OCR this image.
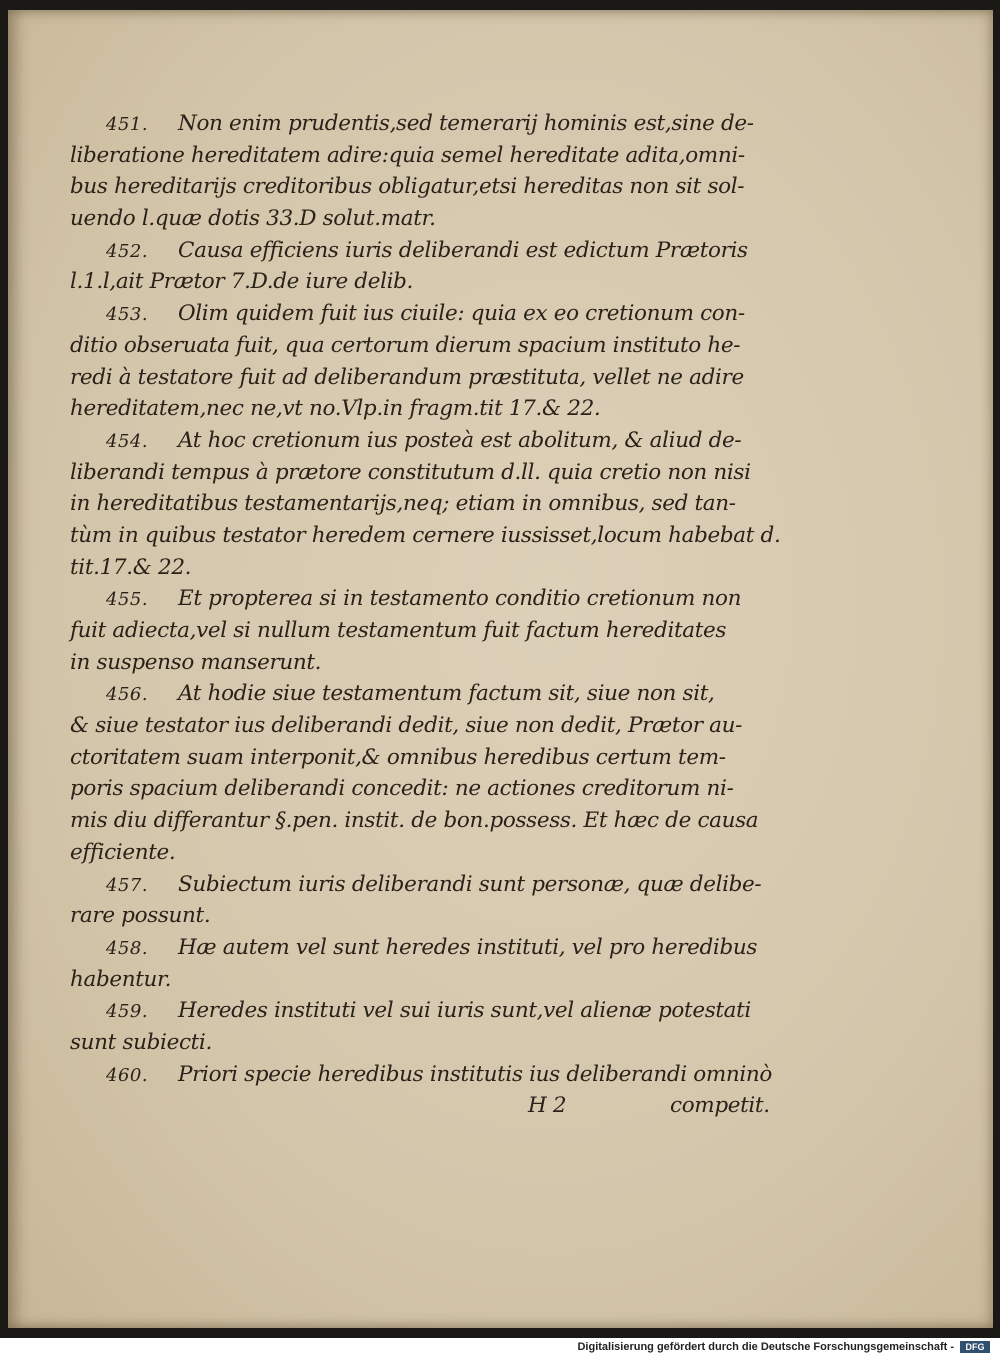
451. Non enim prudentis,sed temerarij hominis est,sine de-
liberatione hereditatem adire:quia semel hereditate adita,omni-
bus hereditarijs creditoribus obligatur,etsi hereditas non sit sol-
uendo l.quæ dotis 33.D solut.matr.
452. Causa efficiens iuris deliberandi est edictum Prætoris
l.1.l,ait Prætor 7.D.de iure delib.
453. Olim quidem fuit ius ciuile: quia ex eo cretionum con-
ditio obseruata fuit, qua certorum dierum spacium instituto he-
redi à testatore fuit ad deliberandum præstituta, vellet ne adire
hereditatem,nec ne,vt no.Vlp.in fragm.tit 17.& 22.
454. At hoc cretionum ius posteà est abolitum, & aliud de-
liberandi tempus à prætore constitutum d.ll. quia cretio non nisi
in hereditatibus testamentarijs,neq; etiam in omnibus, sed tan-
tùm in quibus testator heredem cernere iussisset,locum habebat d.
tit.17.& 22.
455. Et propterea si in testamento conditio cretionum non
fuit adiecta,vel si nullum testamentum fuit factum hereditates
in suspenso manserunt.
456. At hodie siue testamentum factum sit, siue non sit,
& siue testator ius deliberandi dedit, siue non dedit, Prætor au-
ctoritatem suam interponit,& omnibus heredibus certum tem-
poris spacium deliberandi concedit: ne actiones creditorum ni-
mis diu differantur §.pen. instit. de bon.possess. Et hæc de causa
efficiente.
457. Subiectum iuris deliberandi sunt personæ, quæ delibe-
rare possunt.
458. Hæ autem vel sunt heredes instituti, vel pro heredibus
habentur.
459. Heredes instituti vel sui iuris sunt,vel alienæ potestati
sunt subiecti.
460. Priori specie heredibus institutis ius deliberandi omninò
H 2	competit.
Digitalisierung gefördert durch die Deutsche Forschungsgemeinschaft -	DFG
